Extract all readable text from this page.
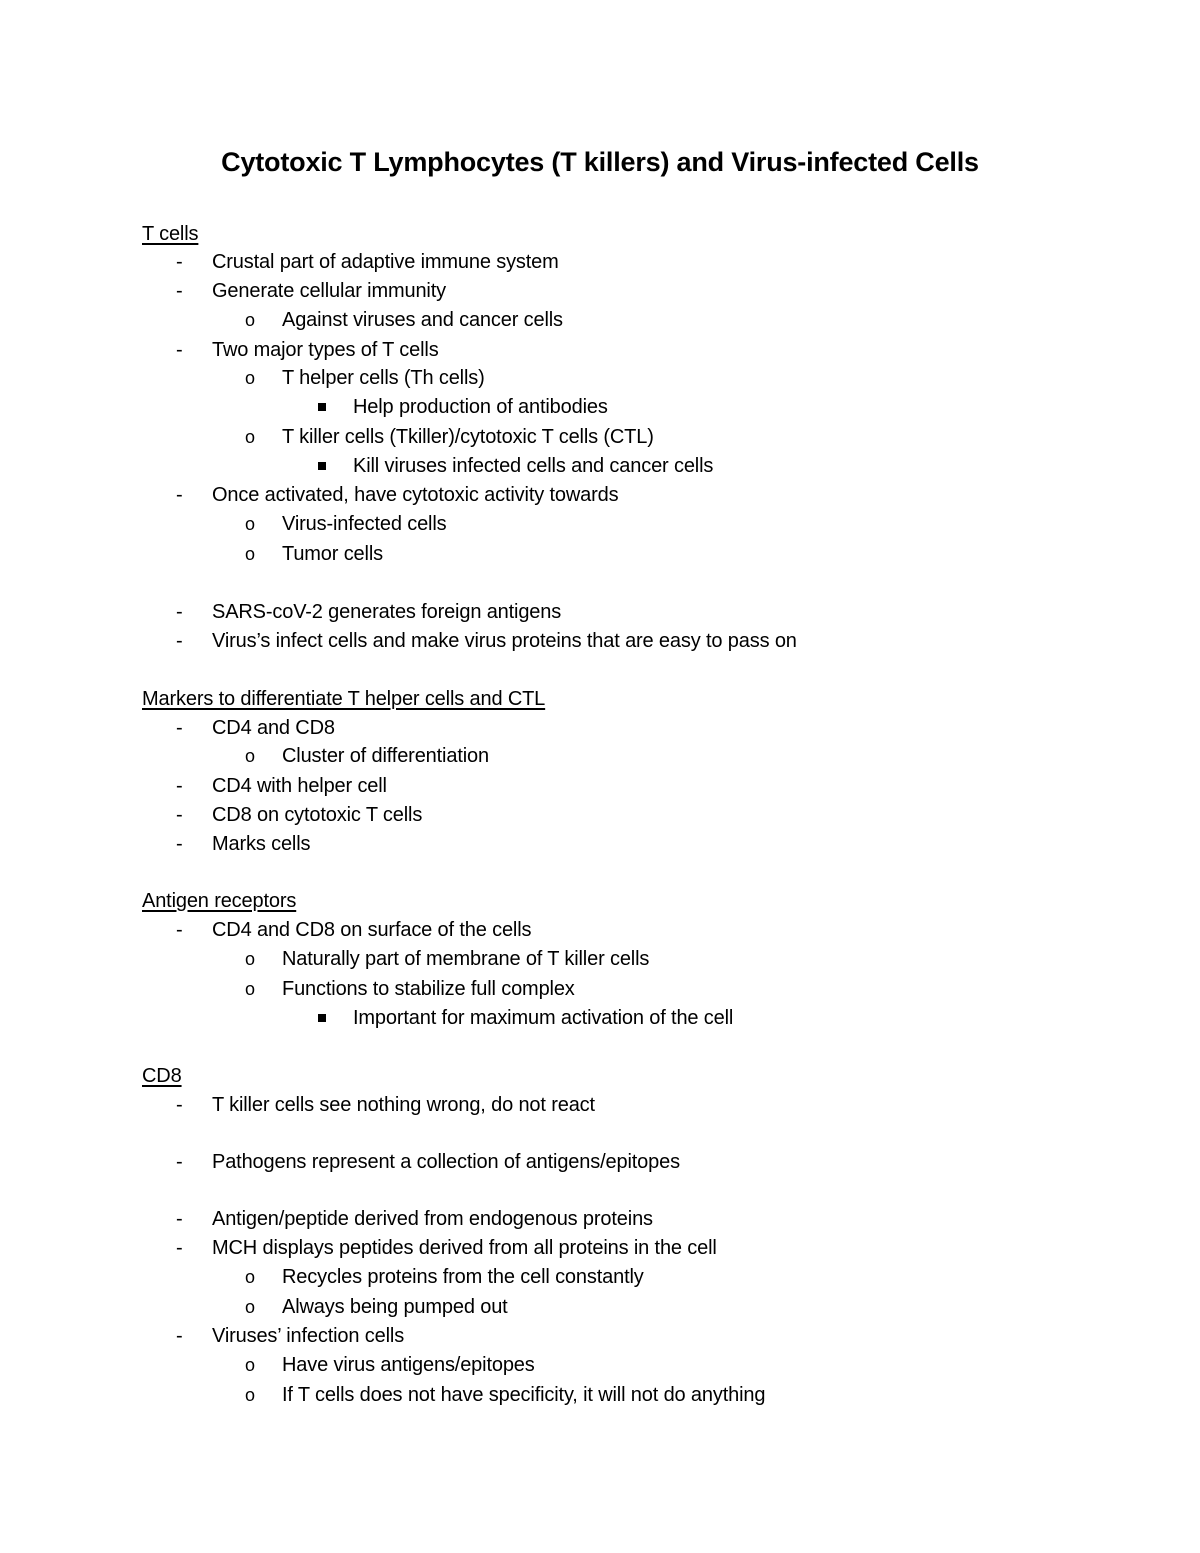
Cytotoxic T Lymphocytes (T killers) and Virus-infected Cells
T cells
- Crustal part of adaptive immune system
- Generate cellular immunity
o Against viruses and cancer cells
- Two major types of T cells
o T helper cells (Th cells)
Help production of antibodies
o T killer cells (Tkiller)/cytotoxic T cells (CTL)
Kill viruses infected cells and cancer cells
- Once activated, have cytotoxic activity towards
o Virus-infected cells
o Tumor cells
- SARS-coV-2 generates foreign antigens
- Virus’s infect cells and make virus proteins that are easy to pass on
Markers to differentiate T helper cells and CTL
- CD4 and CD8
o Cluster of differentiation
- CD4 with helper cell
- CD8 on cytotoxic T cells
- Marks cells
Antigen receptors
- CD4 and CD8 on surface of the cells
o Naturally part of membrane of T killer cells
o Functions to stabilize full complex
Important for maximum activation of the cell
CD8
- T killer cells see nothing wrong, do not react
- Pathogens represent a collection of antigens/epitopes
- Antigen/peptide derived from endogenous proteins
- MCH displays peptides derived from all proteins in the cell
o Recycles proteins from the cell constantly
o Always being pumped out
- Viruses’ infection cells
o Have virus antigens/epitopes
o If T cells does not have specificity, it will not do anything
